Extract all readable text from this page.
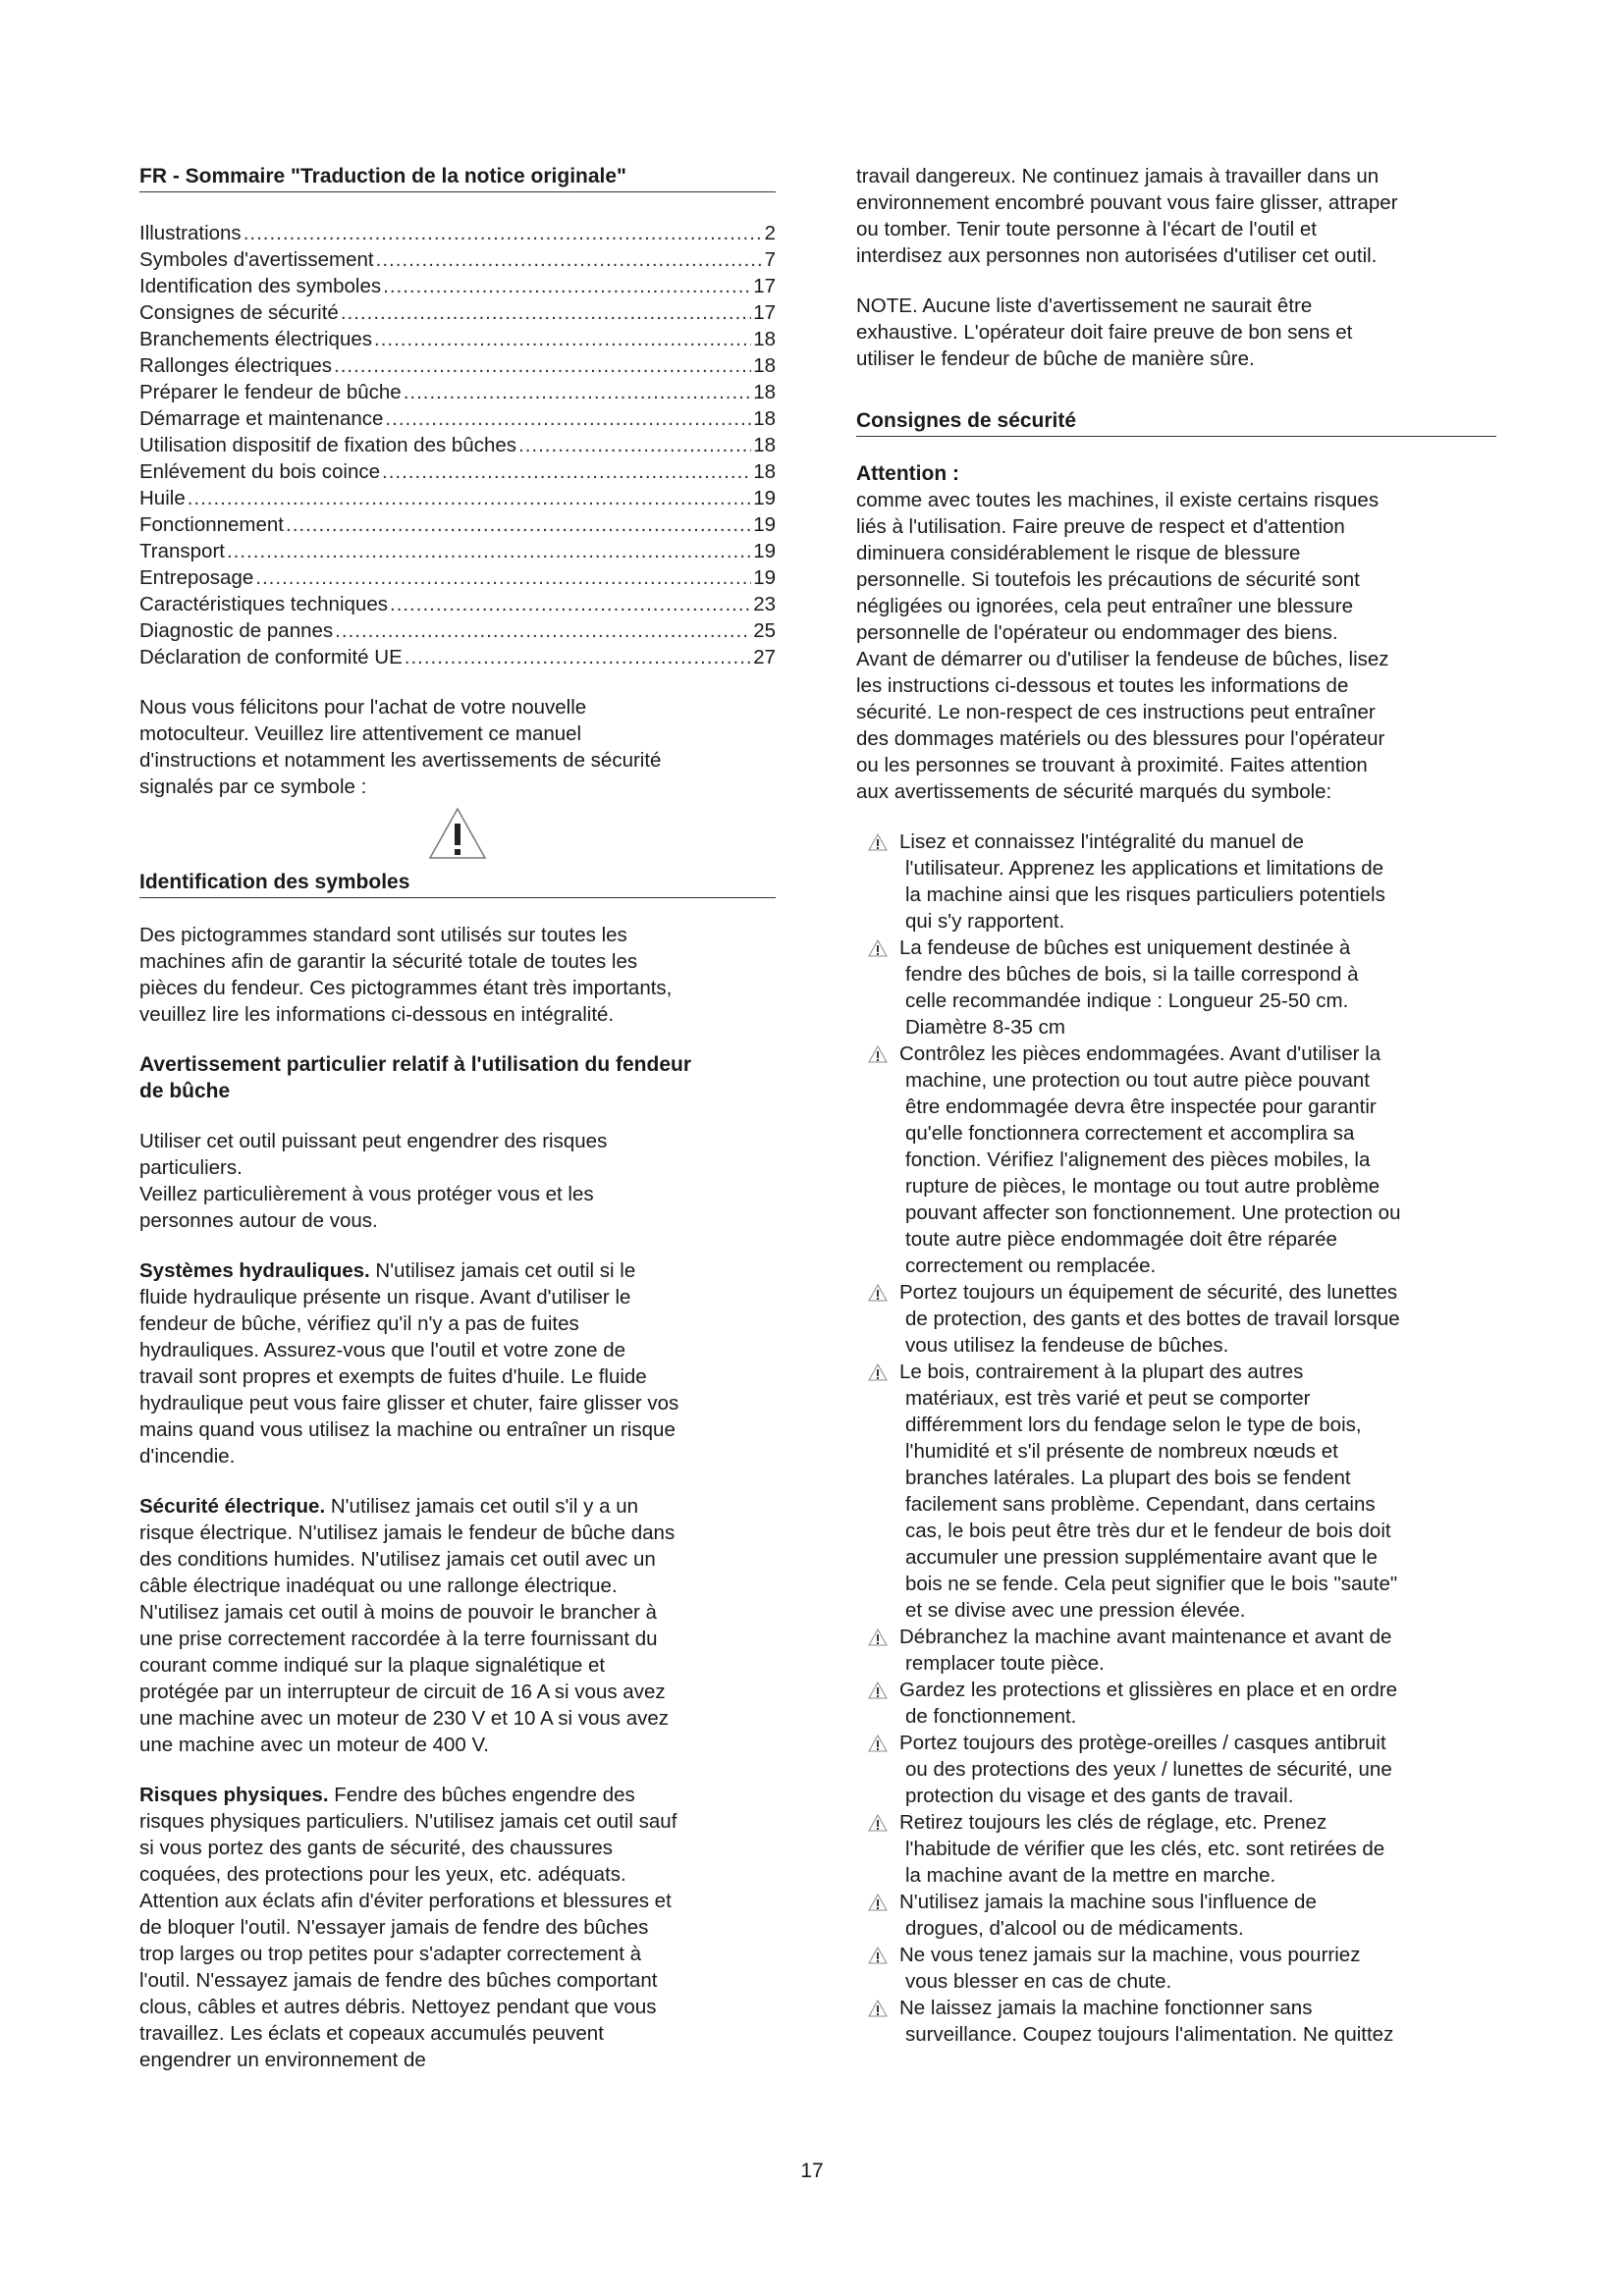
FR - Sommaire "Traduction de la notice originale"
Illustrations .....	2
Symboles d'avertissement .....	7
Identification des symboles .....	17
Consignes de sécurité .....	17
Branchements électriques .....	18
Rallonges électriques .....	18
Préparer le fendeur de bûche .....	18
Démarrage et maintenance .....	18
Utilisation dispositif de fixation des bûches .....	18
Enlévement du bois coince .....	18
Huile .....	19
Fonctionnement .....	19
Transport .....	19
Entreposage .....	19
Caractéristiques techniques .....	23
Diagnostic de pannes .....	25
Déclaration de conformité UE .....	27

Nous vous félicitons pour l'achat de votre nouvelle

motoculteur. Veuillez lire attentivement ce manuel

d'instructions et notamment les avertissements de sécurité

signalés par ce symbole :

Identification des symboles

Des pictogrammes standard sont utilisés sur toutes les

machines afin de garantir la sécurité totale de toutes les

pièces du fendeur. Ces pictogrammes étant très importants,

veuillez lire les informations ci-dessous en intégralité.

Avertissement particulier relatif à l'utilisation du fendeur

de bûche

Utiliser cet outil puissant peut engendrer des risques

particuliers.

Veillez particulièrement à vous protéger vous et les

personnes autour de vous.

Systèmes hydrauliques. N'utilisez jamais cet outil si le

fluide hydraulique présente un risque. Avant d'utiliser le

fendeur de bûche, vérifiez qu'il n'y a pas de fuites

hydrauliques. Assurez-vous que l'outil et votre zone de

travail sont propres et exempts de fuites d'huile. Le fluide

hydraulique peut vous faire glisser et chuter, faire glisser vos

mains quand vous utilisez la machine ou entraîner un risque

d'incendie.

Sécurité électrique. N'utilisez jamais cet outil s'il y a un

risque électrique. N'utilisez jamais le fendeur de bûche dans

des conditions humides. N'utilisez jamais cet outil avec un

câble électrique inadéquat ou une rallonge électrique.

N'utilisez jamais cet outil à moins de pouvoir le brancher à

une prise correctement raccordée à la terre fournissant du

courant comme indiqué sur la plaque signalétique et

protégée par un interrupteur de circuit de 16 A si vous avez

une machine avec un moteur de 230 V et 10 A si vous avez

une machine avec un moteur de 400 V.

Risques physiques. Fendre des bûches engendre des

risques physiques particuliers. N'utilisez jamais cet outil sauf

si vous portez des gants de sécurité, des chaussures

coquées, des protections pour les yeux, etc. adéquats.

Attention aux éclats afin d'éviter perforations et blessures et

de bloquer l'outil. N'essayer jamais de fendre des bûches

trop larges ou trop petites pour s'adapter correctement à

l'outil. N'essayez jamais de fendre des bûches comportant

clous, câbles et autres débris. Nettoyez pendant que vous

travaillez. Les éclats et copeaux accumulés peuvent

engendrer un environnement de

travail dangereux. Ne continuez jamais à travailler dans un

environnement encombré pouvant vous faire glisser, attraper

ou tomber. Tenir toute personne à l'écart de l'outil et

interdisez aux personnes non autorisées d'utiliser cet outil.

NOTE. Aucune liste d'avertissement ne saurait être

exhaustive. L'opérateur doit faire preuve de bon sens et

utiliser le fendeur de bûche de manière sûre.

Consignes de sécurité
Attention :

comme avec toutes les machines, il existe certains risques

liés à l'utilisation. Faire preuve de respect et d'attention

diminuera considérablement le risque de blessure

personnelle. Si toutefois les précautions de sécurité sont

négligées ou ignorées, cela peut entraîner une blessure

personnelle de l'opérateur ou endommager des biens.

Avant de démarrer ou d'utiliser la fendeuse de bûches, lisez

les instructions ci-dessous et toutes les informations de

sécurité. Le non-respect de ces instructions peut entraîner

des dommages matériels ou des blessures pour l'opérateur

ou les personnes se trouvant à proximité. Faites attention

aux avertissements de sécurité marqués du symbole:

Lisez et connaissez l'intégralité du manuel de
l'utilisateur. Apprenez les applications et limitations de
la machine ainsi que les risques particuliers potentiels
qui s'y rapportent.
La fendeuse de bûches est uniquement destinée à
fendre des bûches de bois, si la taille correspond à
celle recommandée indique : Longueur 25-50 cm.
Diamètre 8-35 cm
Contrôlez les pièces endommagées. Avant d'utiliser la
machine, une protection ou tout autre pièce pouvant
être endommagée devra être inspectée pour garantir
qu'elle fonctionnera correctement et accomplira sa
fonction. Vérifiez l'alignement des pièces mobiles, la
rupture de pièces, le montage ou tout autre problème
pouvant affecter son fonctionnement. Une protection ou
toute autre pièce endommagée doit être réparée
correctement ou remplacée.
Portez toujours un équipement de sécurité, des lunettes
de protection, des gants et des bottes de travail lorsque
vous utilisez la fendeuse de bûches.
Le bois, contrairement à la plupart des autres
matériaux, est très varié et peut se comporter
différemment lors du fendage selon le type de bois,
l'humidité et s'il présente de nombreux nœuds et
branches latérales. La plupart des bois se fendent
facilement sans problème. Cependant, dans certains
cas, le bois peut être très dur et le fendeur de bois doit
accumuler une pression supplémentaire avant que le
bois ne se fende. Cela peut signifier que le bois "saute"
et se divise avec une pression élevée.
Débranchez la machine avant maintenance et avant de
remplacer toute pièce.
Gardez les protections et glissières en place et en ordre
de fonctionnement.
Portez toujours des protège-oreilles / casques antibruit
ou des protections des yeux / lunettes de sécurité, une
protection du visage et des gants de travail.
Retirez toujours les clés de réglage, etc. Prenez
l'habitude de vérifier que les clés, etc. sont retirées de
la machine avant de la mettre en marche.
N'utilisez jamais la machine sous l'influence de
drogues, d'alcool ou de médicaments.
Ne vous tenez jamais sur la machine, vous pourriez
vous blesser en cas de chute.
Ne laissez jamais la machine fonctionner sans
surveillance. Coupez toujours l'alimentation. Ne quittez
17
